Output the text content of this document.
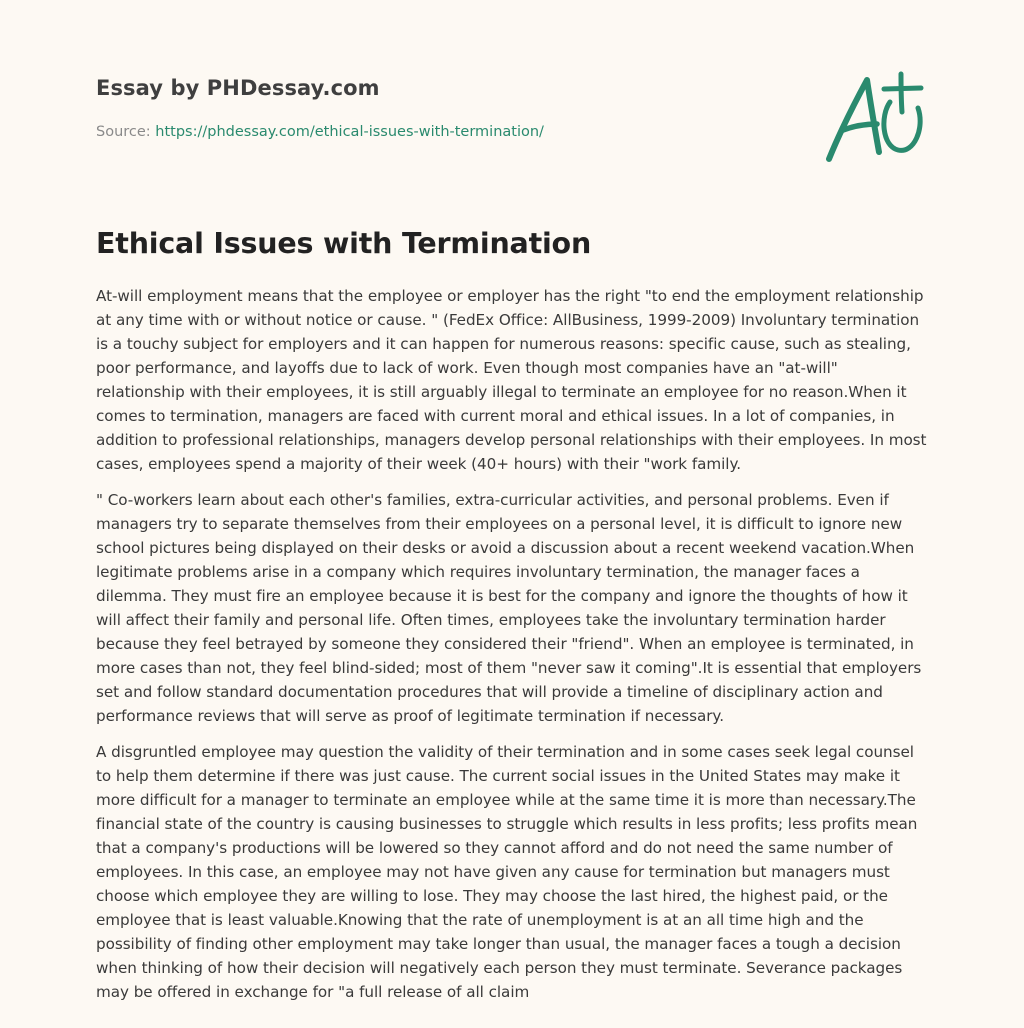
Essay by PHDessay.com
Source: https://phdessay.com/ethical-issues-with-termination/
Ethical Issues with Termination

At-will employment means that the employee or employer has the right "to end the employment relationship at any time with or without notice or cause. " (FedEx Office: AllBusiness, 1999-2009) Involuntary termination is a touchy subject for employers and it can happen for numerous reasons: specific cause, such as stealing, poor performance, and layoffs due to lack of work. Even though most companies have an "at-will" relationship with their employees, it is still arguably illegal to terminate an employee for no reason.When it comes to termination, managers are faced with current moral and ethical issues. In a lot of companies, in addition to professional relationships, managers develop personal relationships with their employees. In most cases, employees spend a majority of their week (40+ hours) with their "work family.

" Co-workers learn about each other's families, extra-curricular activities, and personal problems. Even if managers try to separate themselves from their employees on a personal level, it is difficult to ignore new school pictures being displayed on their desks or avoid a discussion about a recent weekend vacation.When legitimate problems arise in a company which requires involuntary termination, the manager faces a dilemma. They must fire an employee because it is best for the company and ignore the thoughts of how it will affect their family and personal life. Often times, employees take the involuntary termination harder because they feel betrayed by someone they considered their "friend". When an employee is terminated, in more cases than not, they feel blind-sided; most of them "never saw it coming".It is essential that employers set and follow standard documentation procedures that will provide a timeline of disciplinary action and performance reviews that will serve as proof of legitimate termination if necessary.

A disgruntled employee may question the validity of their termination and in some cases seek legal counsel to help them determine if there was just cause. The current social issues in the United States may make it more difficult for a manager to terminate an employee while at the same time it is more than necessary.The financial state of the country is causing businesses to struggle which results in less profits; less profits mean that a company's productions will be lowered so they cannot afford and do not need the same number of employees. In this case, an employee may not have given any cause for termination but managers must choose which employee they are willing to lose. They may choose the last hired, the highest paid, or the employee that is least valuable.Knowing that the rate of unemployment is at an all time high and the possibility of finding other employment may take longer than usual, the manager faces a tough a decision when thinking of how their decision will negatively each person they must terminate. Severance packages may be offered in exchange for "a full release of all claim
